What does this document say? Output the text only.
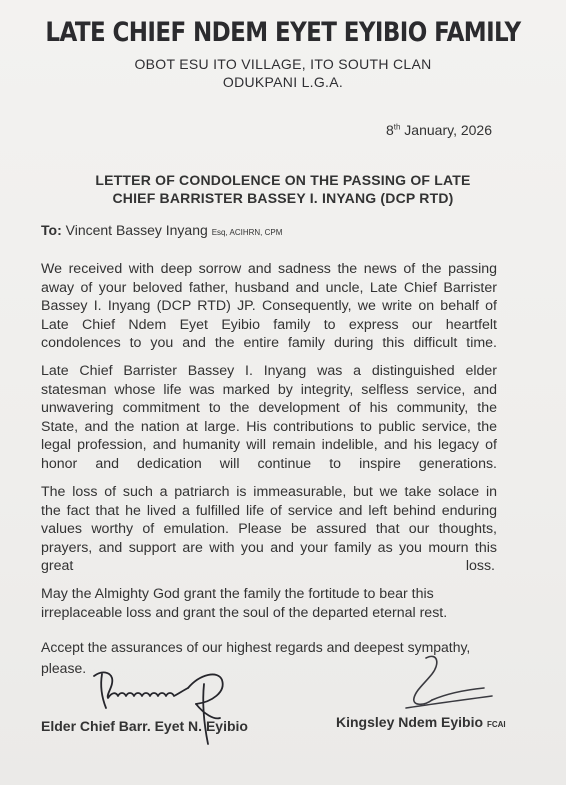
LATE CHIEF NDEM EYET EYIBIO FAMILY
OBOT ESU ITO VILLAGE, ITO SOUTH CLAN
ODUKPANI L.G.A.
8th January, 2026
LETTER OF CONDOLENCE ON THE PASSING OF LATE
CHIEF BARRISTER BASSEY I. INYANG (DCP RTD)
To: Vincent Bassey Inyang Esq, ACIHRN, CPM
We received with deep sorrow and sadness the news of the passing
away of your beloved father, husband and uncle, Late Chief Barrister
Bassey I. Inyang (DCP RTD) JP. Consequently, we write on behalf of
Late Chief Ndem Eyet Eyibio family to express our heartfelt
condolences to you and the entire family during this difficult time.
Late Chief Barrister Bassey I. Inyang was a distinguished elder
statesman whose life was marked by integrity, selfless service, and
unwavering commitment to the development of his community, the
State, and the nation at large. His contributions to public service, the
legal profession, and humanity will remain indelible, and his legacy of
honor and dedication will continue to inspire generations.
The loss of such a patriarch is immeasurable, but we take solace in
the fact that he lived a fulfilled life of service and left behind enduring
values worthy of emulation. Please be assured that our thoughts,
prayers, and support are with you and your family as you mourn this
great	loss.
May the Almighty God grant the family the fortitude to bear this
irreplaceable loss and grant the soul of the departed eternal rest.
Accept the assurances of our highest regards and deepest sympathy,
please.
Elder Chief Barr. Eyet N. Eyibio	Kingsley Ndem Eyibio FCAI
